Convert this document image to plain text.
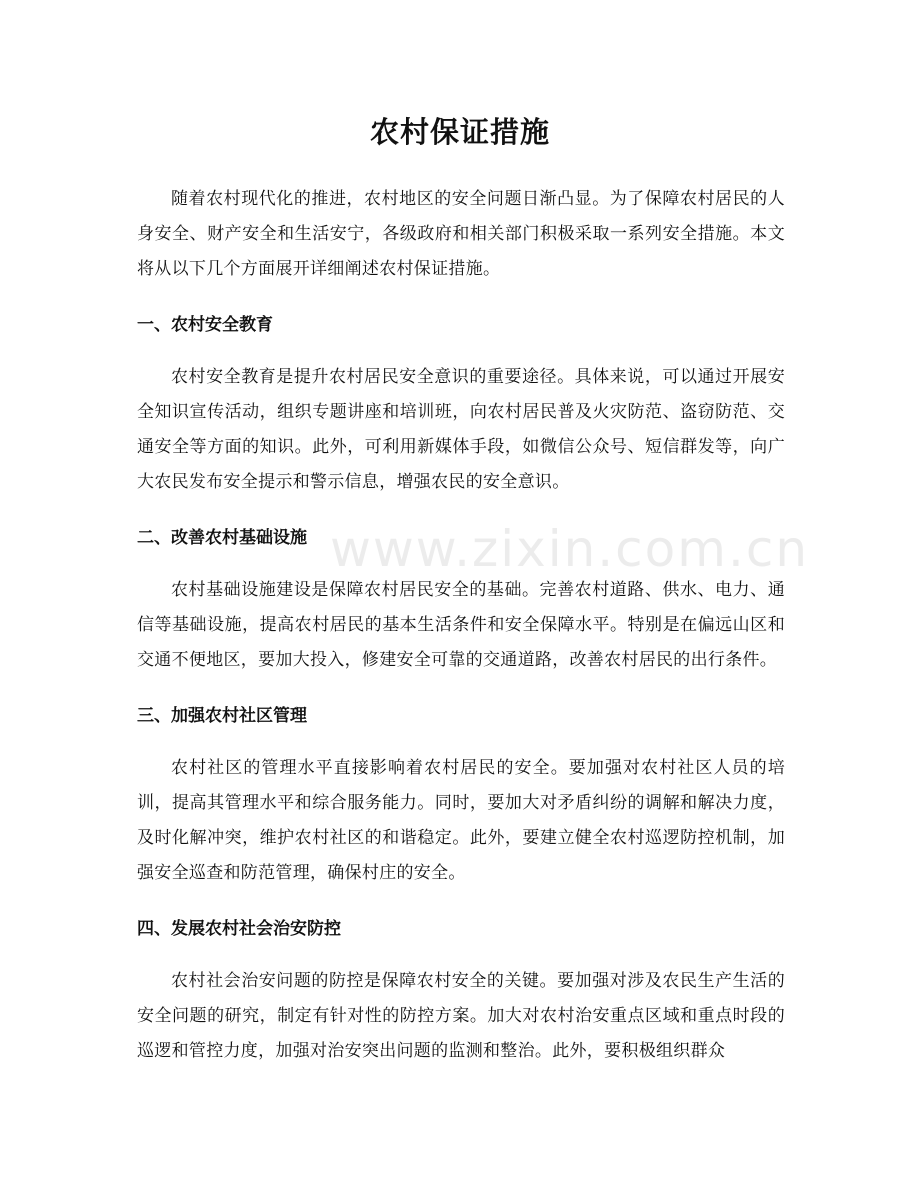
www.zixin.com.cn
农村保证措施

随着农村现代化的推进，农村地区的安全问题日渐凸显。为了保障农村居民的人身安全、财产安全和生活安宁，各级政府和相关部门积极采取一系列安全措施。本文将从以下几个方面展开详细阐述农村保证措施。

一、农村安全教育

农村安全教育是提升农村居民安全意识的重要途径。具体来说，可以通过开展安全知识宣传活动，组织专题讲座和培训班，向农村居民普及火灾防范、盗窃防范、交通安全等方面的知识。此外，可利用新媒体手段，如微信公众号、短信群发等，向广大农民发布安全提示和警示信息，增强农民的安全意识。

二、改善农村基础设施

农村基础设施建设是保障农村居民安全的基础。完善农村道路、供水、电力、通信等基础设施，提高农村居民的基本生活条件和安全保障水平。特别是在偏远山区和交通不便地区，要加大投入，修建安全可靠的交通道路，改善农村居民的出行条件。

三、加强农村社区管理

农村社区的管理水平直接影响着农村居民的安全。要加强对农村社区人员的培训，提高其管理水平和综合服务能力。同时，要加大对矛盾纠纷的调解和解决力度，及时化解冲突，维护农村社区的和谐稳定。此外，要建立健全农村巡逻防控机制，加强安全巡查和防范管理，确保村庄的安全。

四、发展农村社会治安防控

农村社会治安问题的防控是保障农村安全的关键。要加强对涉及农民生产生活的安全问题的研究，制定有针对性的防控方案。加大对农村治安重点区域和重点时段的巡逻和管控力度，加强对治安突出问题的监测和整治。此外，要积极组织群众
